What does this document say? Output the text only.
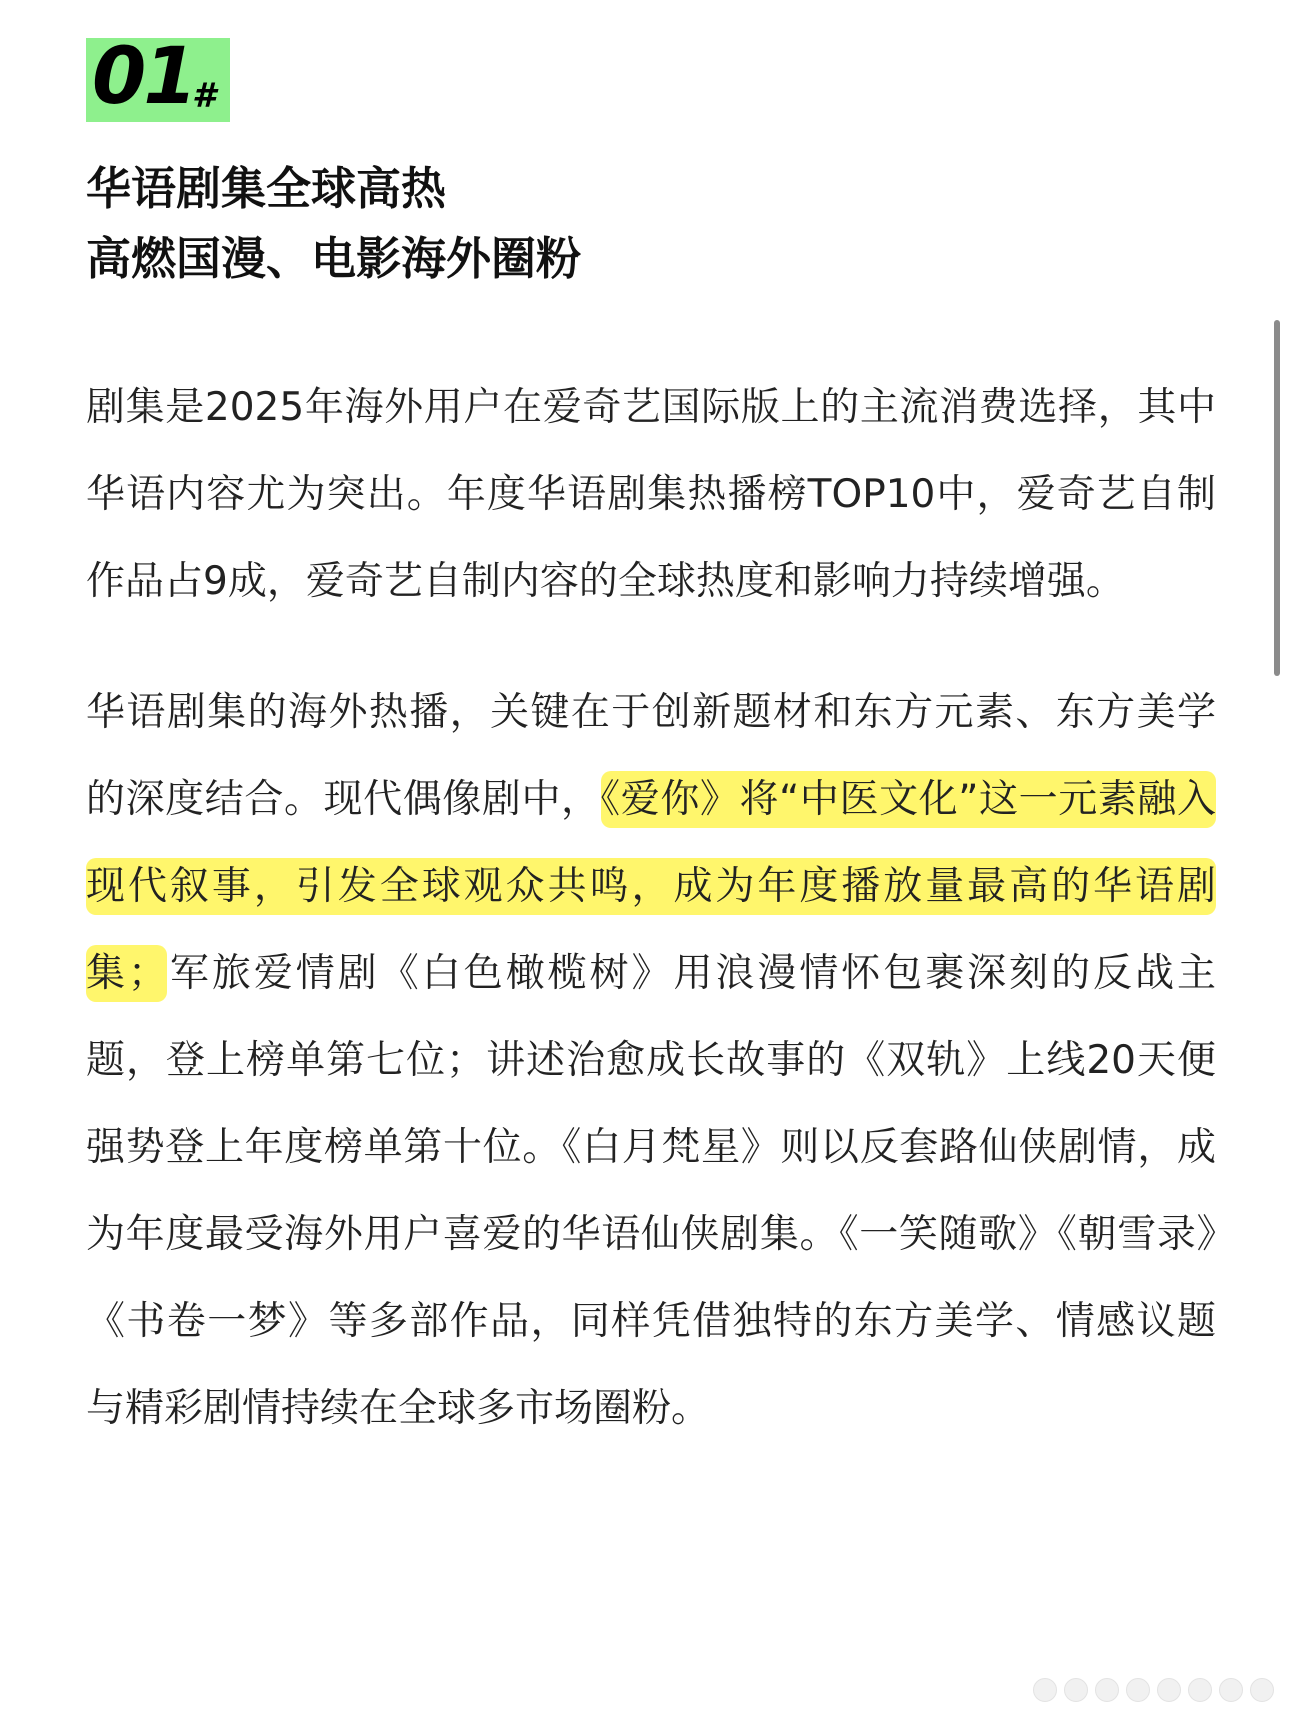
01
#
华语剧集全球高热
高燃国漫、电影海外圈粉

剧集是2025年海外用户在爱奇艺国际版上的主流消费选择，其中华语内容尤为突出。年度华语剧集热播榜TOP10中，爱奇艺自制作品占9成，爱奇艺自制内容的全球热度和影响力持续增强。

华语剧集的海外热播，关键在于创新题材和东方元素、东方美学的深度结合。现代偶像剧中，《爱你》将“中医文化”这一元素融入现代叙事，引发全球观众共鸣，成为年度播放量最高的华语剧集；军旅爱情剧《白色橄榄树》用浪漫情怀包裹深刻的反战主题，登上榜单第七位；讲述治愈成长故事的《双轨》上线20天便强势登上年度榜单第十位。《白月梵星》则以反套路仙侠剧情，成为年度最受海外用户喜爱的华语仙侠剧集。《一笑随歌》《朝雪录》《书卷一梦》等多部作品，同样凭借独特的东方美学、情感议题与精彩剧情持续在全球多市场圈粉。
